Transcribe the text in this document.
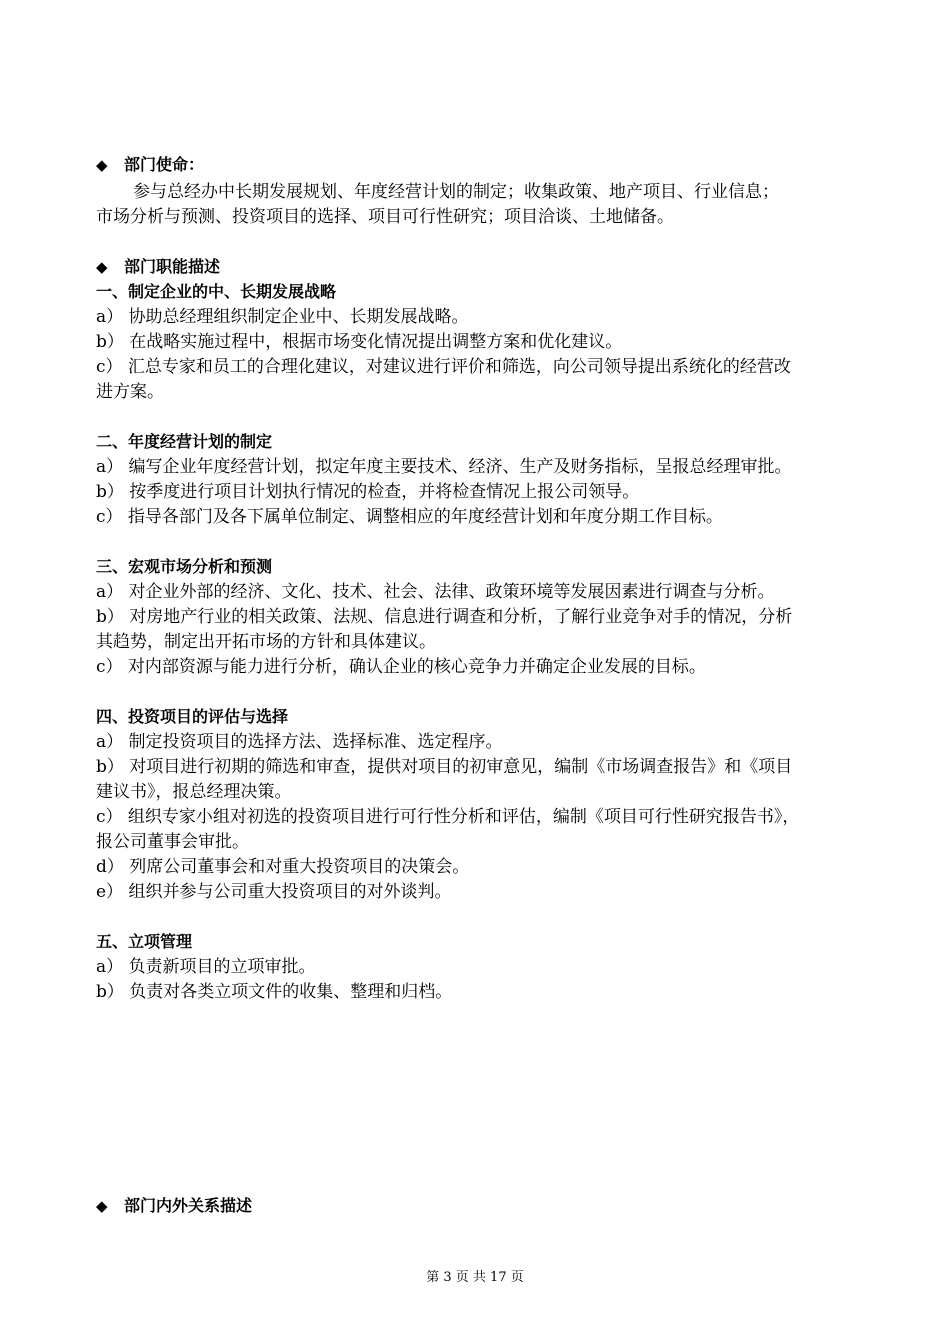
◆ 部门使命：
参与总经办中长期发展规划、年度经营计划的制定；收集政策、地产项目、行业信息；
市场分析与预测、投资项目的选择、项目可行性研究；项目洽谈、土地储备。
◆ 部门职能描述
一、制定企业的中、长期发展战略
a） 协助总经理组织制定企业中、长期发展战略。
b） 在战略实施过程中，根据市场变化情况提出调整方案和优化建议。
c） 汇总专家和员工的合理化建议，对建议进行评价和筛选，向公司领导提出系统化的经营改
进方案。
二、年度经营计划的制定
a） 编写企业年度经营计划，拟定年度主要技术、经济、生产及财务指标，呈报总经理审批。
b） 按季度进行项目计划执行情况的检查，并将检查情况上报公司领导。
c） 指导各部门及各下属单位制定、调整相应的年度经营计划和年度分期工作目标。
三、宏观市场分析和预测
a） 对企业外部的经济、文化、技术、社会、法律、政策环境等发展因素进行调查与分析。
b） 对房地产行业的相关政策、法规、信息进行调查和分析，了解行业竞争对手的情况，分析
其趋势，制定出开拓市场的方针和具体建议。
c） 对内部资源与能力进行分析，确认企业的核心竞争力并确定企业发展的目标。
四、投资项目的评估与选择
a） 制定投资项目的选择方法、选择标准、选定程序。
b） 对项目进行初期的筛选和审查，提供对项目的初审意见，编制《市场调查报告》和《项目
建议书》，报总经理决策。
c） 组织专家小组对初选的投资项目进行可行性分析和评估，编制《项目可行性研究报告书》，
报公司董事会审批。
d） 列席公司董事会和对重大投资项目的决策会。
e） 组织并参与公司重大投资项目的对外谈判。
五、立项管理
a） 负责新项目的立项审批。
b） 负责对各类立项文件的收集、整理和归档。
◆ 部门内外关系描述
第 3 页 共 17 页
